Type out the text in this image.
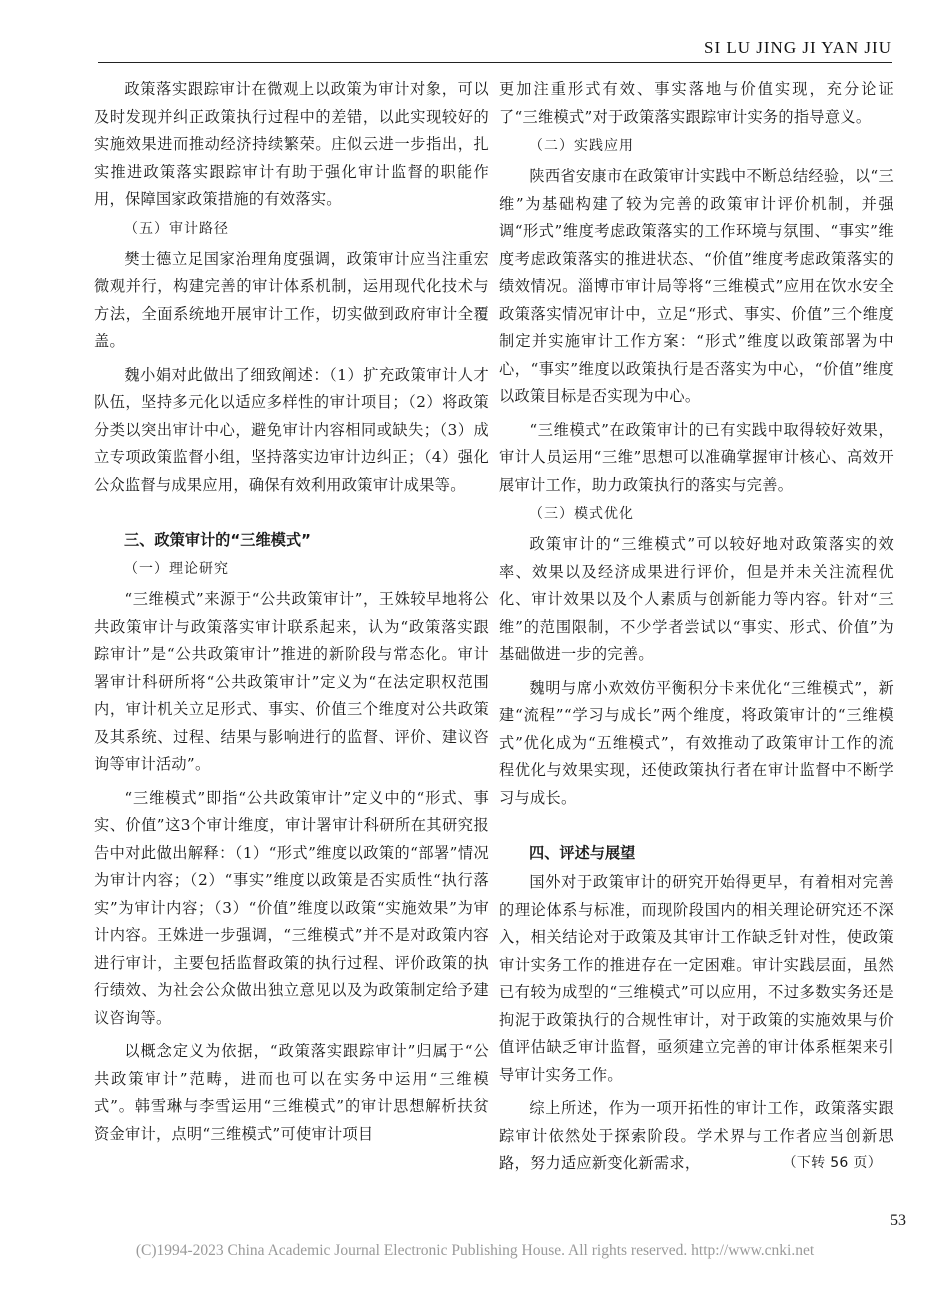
SI LU JING JI YAN JIU

政策落实跟踪审计在微观上以政策为审计对象，可以及时发现并纠正政策执行过程中的差错，以此实现较好的实施效果进而推动经济持续繁荣。庄似云进一步指出，扎实推进政策落实跟踪审计有助于强化审计监督的职能作用，保障国家政策措施的有效落实。

（五）审计路径

樊士德立足国家治理角度强调，政策审计应当注重宏微观并行，构建完善的审计体系机制，运用现代化技术与方法，全面系统地开展审计工作，切实做到政府审计全覆盖。

魏小娟对此做出了细致阐述：（1）扩充政策审计人才队伍，坚持多元化以适应多样性的审计项目；（2）将政策分类以突出审计中心，避免审计内容相同或缺失；（3）成立专项政策监督小组，坚持落实边审计边纠正；（4）强化公众监督与成果应用，确保有效利用政策审计成果等。

三、政策审计的“三维模式”
（一）理论研究

“三维模式”来源于“公共政策审计”，王姝较早地将公共政策审计与政策落实审计联系起来，认为“政策落实跟踪审计”是“公共政策审计”推进的新阶段与常态化。审计署审计科研所将“公共政策审计”定义为“在法定职权范围内，审计机关立足形式、事实、价值三个维度对公共政策及其系统、过程、结果与影响进行的监督、评价、建议咨询等审计活动”。

“三维模式”即指“公共政策审计”定义中的“形式、事实、价值”这3个审计维度，审计署审计科研所在其研究报告中对此做出解释：（1）“形式”维度以政策的“部署”情况为审计内容；（2）“事实”维度以政策是否实质性“执行落实”为审计内容；（3）“价值”维度以政策“实施效果”为审计内容。王姝进一步强调，“三维模式”并不是对政策内容进行审计，主要包括监督政策的执行过程、评价政策的执行绩效、为社会公众做出独立意见以及为政策制定给予建议咨询等。

以概念定义为依据，“政策落实跟踪审计”归属于“公共政策审计”范畴，进而也可以在实务中运用“三维模式”。韩雪琳与李雪运用“三维模式”的审计思想解析扶贫资金审计，点明“三维模式”可使审计项目

更加注重形式有效、事实落地与价值实现，充分论证了“三维模式”对于政策落实跟踪审计实务的指导意义。

（二）实践应用

陕西省安康市在政策审计实践中不断总结经验，以“三维”为基础构建了较为完善的政策审计评价机制，并强调“形式”维度考虑政策落实的工作环境与氛围、“事实”维度考虑政策落实的推进状态、“价值”维度考虑政策落实的绩效情况。淄博市审计局等将“三维模式”应用在饮水安全政策落实情况审计中，立足“形式、事实、价值”三个维度制定并实施审计工作方案：“形式”维度以政策部署为中心，“事实”维度以政策执行是否落实为中心，“价值”维度以政策目标是否实现为中心。

“三维模式”在政策审计的已有实践中取得较好效果，审计人员运用“三维”思想可以准确掌握审计核心、高效开展审计工作，助力政策执行的落实与完善。

（三）模式优化

政策审计的“三维模式”可以较好地对政策落实的效率、效果以及经济成果进行评价，但是并未关注流程优化、审计效果以及个人素质与创新能力等内容。针对“三维”的范围限制，不少学者尝试以“事实、形式、价值”为基础做进一步的完善。

魏明与席小欢效仿平衡积分卡来优化“三维模式”，新建“流程”“学习与成长”两个维度，将政策审计的“三维模式”优化成为“五维模式”，有效推动了政策审计工作的流程优化与效果实现，还使政策执行者在审计监督中不断学习与成长。

四、评述与展望

国外对于政策审计的研究开始得更早，有着相对完善的理论体系与标准，而现阶段国内的相关理论研究还不深入，相关结论对于政策及其审计工作缺乏针对性，使政策审计实务工作的推进存在一定困难。审计实践层面，虽然已有较为成型的“三维模式”可以应用，不过多数实务还是拘泥于政策执行的合规性审计，对于政策的实施效果与价值评估缺乏审计监督，亟须建立完善的审计体系框架来引导审计实务工作。

综上所述，作为一项开拓性的审计工作，政策落实跟踪审计依然处于探索阶段。学术界与工作者应当创新思路，努力适应新变化新需求，	（下转 56 页）

53
(C)1994-2023 China Academic Journal Electronic Publishing House. All rights reserved. http://www.cnki.net
